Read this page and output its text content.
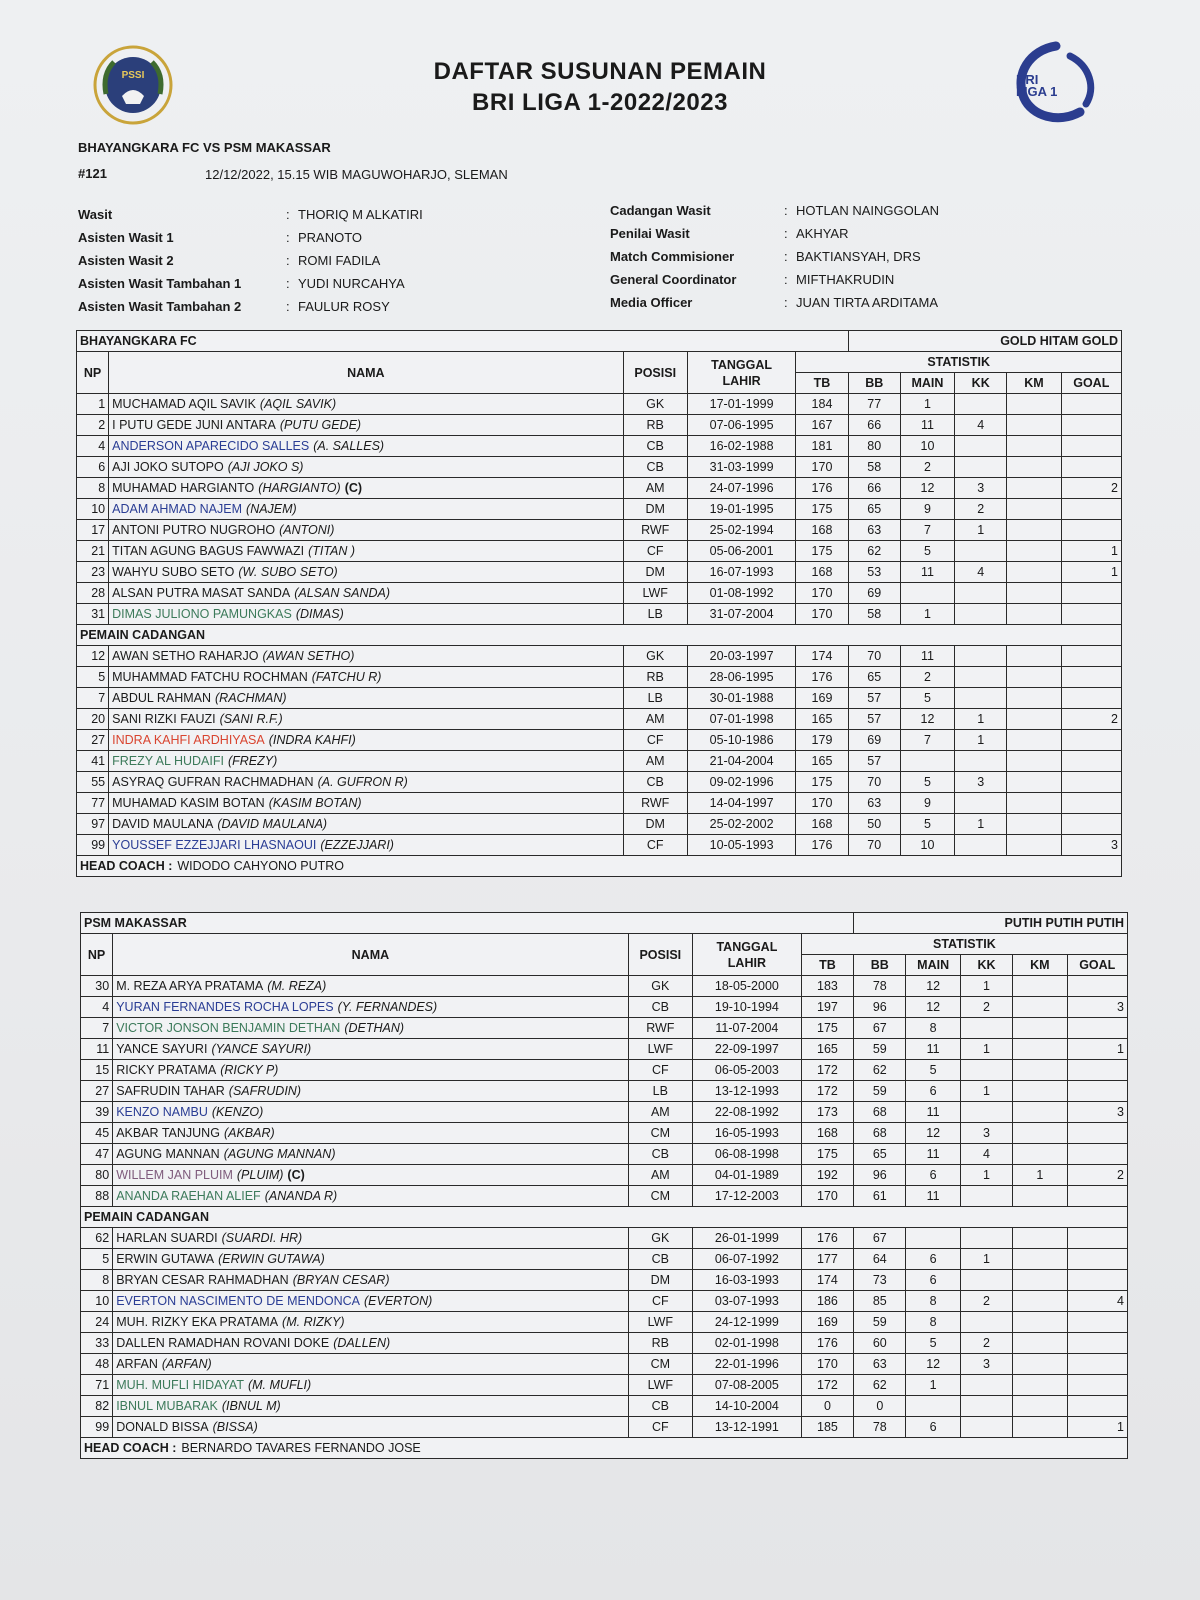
PSSI	DAFTAR SUSUNAN PEMAIN
BRI LIGA 1-2022/2023
BRI
LIGA 1
BHAYANGKARA FC VS PSM MAKASSAR
#121	12/12/2022, 15.15 WIB MAGUWOHARJO, SLEMAN
Wasit	: THORIQ M ALKATIRI
Asisten Wasit 1	: PRANOTO
Asisten Wasit 2	: ROMI FADILA
Asisten Wasit Tambahan 1	: YUDI NURCAHYA
Asisten Wasit Tambahan 2	: FAULUR ROSY
Cadangan Wasit	: HOTLAN NAINGGOLAN
Penilai Wasit	: AKHYAR
Match Commisioner	: BAKTIANSYAH, DRS
General Coordinator	: MIFTHAKRUDIN
Media Officer	: JUAN TIRTA ARDITAMA
BHAYANGKARA FC					GOLD HITAM GOLD				
NP	NAMA	POSISI	TANGGAL LAHIR	STATISTIK					
				TB	BB	MAIN	KK	KM	GOAL
1	MUCHAMAD AQIL SAVIK (AQIL SAVIK)	GK	17-01-1999	184	77	1			
2	I PUTU GEDE JUNI ANTARA (PUTU GEDE)	RB	07-06-1995	167	66	11	4		
4	ANDERSON APARECIDO SALLES (A. SALLES)	CB	16-02-1988	181	80	10			
6	AJI JOKO SUTOPO (AJI JOKO S)	CB	31-03-1999	170	58	2			
8	MUHAMAD HARGIANTO (HARGIANTO) (C)	AM	24-07-1996	176	66	12	3		2
10	ADAM AHMAD NAJEM (NAJEM)	DM	19-01-1995	175	65	9	2		
17	ANTONI PUTRO NUGROHO (ANTONI)	RWF	25-02-1994	168	63	7	1		
21	TITAN AGUNG BAGUS FAWWAZI (TITAN )	CF	05-06-2001	175	62	5			1
23	WAHYU SUBO SETO (W. SUBO SETO)	DM	16-07-1993	168	53	11	4		1
28	ALSAN PUTRA MASAT SANDA (ALSAN SANDA)	LWF	01-08-1992	170	69				
31	DIMAS JULIONO PAMUNGKAS (DIMAS)	LB	31-07-2004	170	58	1			
PEMAIN CADANGAN									
12	AWAN SETHO RAHARJO (AWAN SETHO)	GK	20-03-1997	174	70	11			
5	MUHAMMAD FATCHU ROCHMAN (FATCHU R)	RB	28-06-1995	176	65	2			
7	ABDUL RAHMAN (RACHMAN)	LB	30-01-1988	169	57	5			
20	SANI RIZKI FAUZI (SANI R.F.)	AM	07-01-1998	165	57	12	1		2
27	INDRA KAHFI ARDHIYASA (INDRA KAHFI)	CF	05-10-1986	179	69	7	1		
41	FREZY AL HUDAIFI (FREZY)	AM	21-04-2004	165	57				
55	ASYRAQ GUFRAN RACHMADHAN (A. GUFRON R)	CB	09-02-1996	175	70	5	3		
77	MUHAMAD KASIM BOTAN (KASIM BOTAN)	RWF	14-04-1997	170	63	9			
97	DAVID MAULANA (DAVID MAULANA)	DM	25-02-2002	168	50	5	1		
99	YOUSSEF EZZEJJARI LHASNAOUI (EZZEJJARI)	CF	10-05-1993	176	70	10			3
HEAD COACH : WIDODO CAHYONO PUTRO									
PSM MAKASSAR					PUTIH PUTIH PUTIH				
NP	NAMA	POSISI	TANGGAL LAHIR	STATISTIK					
				TB	BB	MAIN	KK	KM	GOAL
30	M. REZA ARYA PRATAMA (M. REZA)	GK	18-05-2000	183	78	12	1		
4	YURAN FERNANDES ROCHA LOPES (Y. FERNANDES)	CB	19-10-1994	197	96	12	2		3
7	VICTOR JONSON BENJAMIN DETHAN (DETHAN)	RWF	11-07-2004	175	67	8			
11	YANCE SAYURI (YANCE SAYURI)	LWF	22-09-1997	165	59	11	1		1
15	RICKY PRATAMA (RICKY P)	CF	06-05-2003	172	62	5			
27	SAFRUDIN TAHAR (SAFRUDIN)	LB	13-12-1993	172	59	6	1		
39	KENZO NAMBU (KENZO)	AM	22-08-1992	173	68	11			3
45	AKBAR TANJUNG (AKBAR)	CM	16-05-1993	168	68	12	3		
47	AGUNG MANNAN (AGUNG MANNAN)	CB	06-08-1998	175	65	11	4		
80	WILLEM JAN PLUIM (PLUIM) (C)	AM	04-01-1989	192	96	6	1	1	2
88	ANANDA RAEHAN ALIEF (ANANDA R)	CM	17-12-2003	170	61	11			
PEMAIN CADANGAN									
62	HARLAN SUARDI (SUARDI. HR)	GK	26-01-1999	176	67				
5	ERWIN GUTAWA (ERWIN GUTAWA)	CB	06-07-1992	177	64	6	1		
8	BRYAN CESAR RAHMADHAN (BRYAN CESAR)	DM	16-03-1993	174	73	6			
10	EVERTON NASCIMENTO DE MENDONCA (EVERTON)	CF	03-07-1993	186	85	8	2		4
24	MUH. RIZKY EKA PRATAMA (M. RIZKY)	LWF	24-12-1999	169	59	8			
33	DALLEN RAMADHAN ROVANI DOKE (DALLEN)	RB	02-01-1998	176	60	5	2		
48	ARFAN (ARFAN)	CM	22-01-1996	170	63	12	3		
71	MUH. MUFLI HIDAYAT (M. MUFLI)	LWF	07-08-2005	172	62	1			
82	IBNUL MUBARAK (IBNUL M)	CB	14-10-2004	0	0				
99	DONALD BISSA (BISSA)	CF	13-12-1991	185	78	6			1
HEAD COACH : BERNARDO TAVARES FERNANDO JOSE									
